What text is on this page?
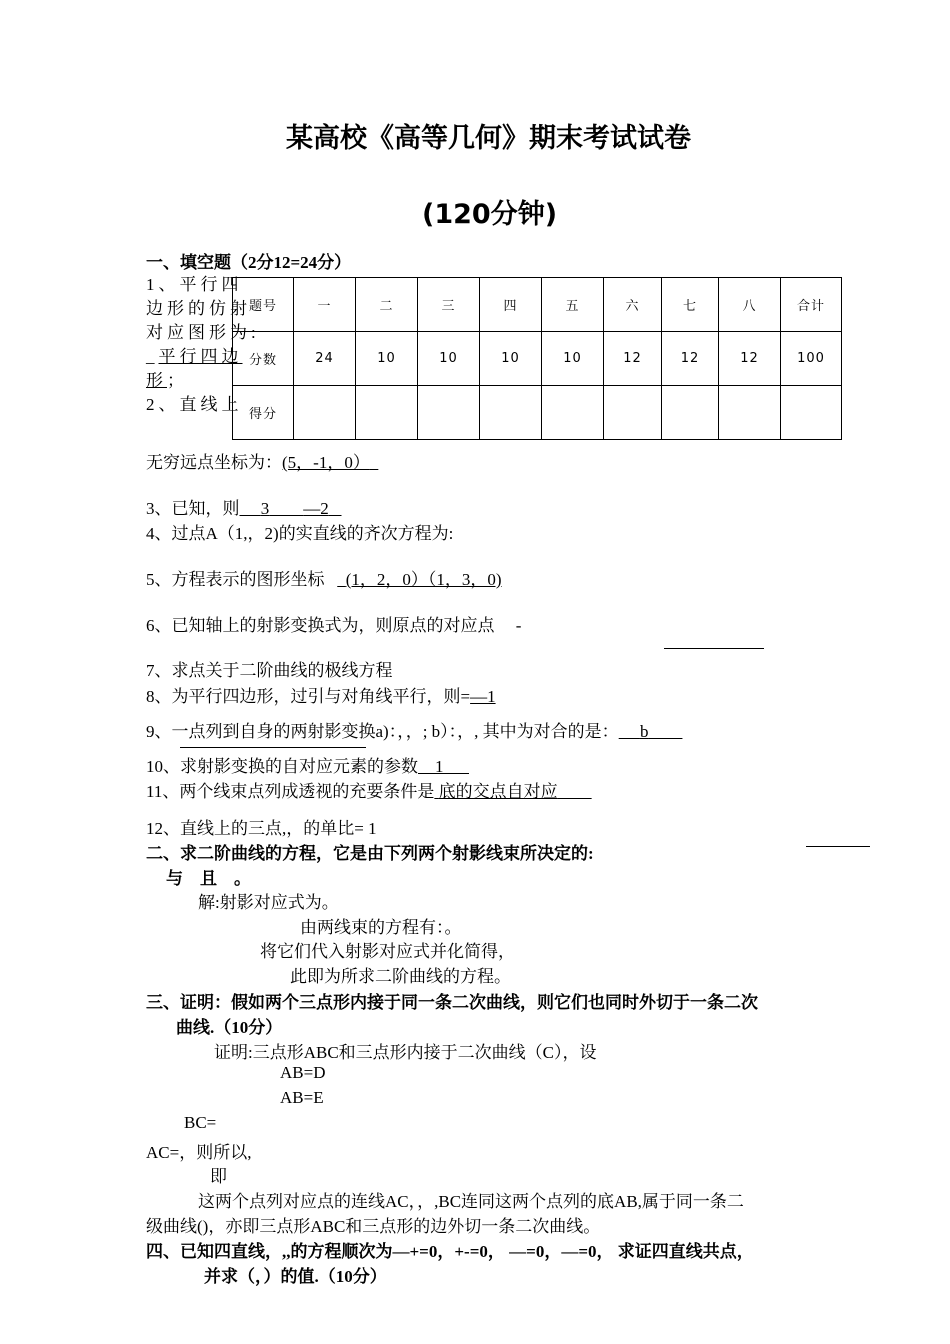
某高校《高等几何》期末考试试卷
(120分钟)
一、填空题（2分12=24分）
题号	一	二	三	四	五	六	七	八	合计
分数	24	10	10	10	10	12	12	12	100
得分									
1、平行四
边形的仿射
对应图形为:
_平行四边
形；
2、直线上
无穷远点坐标为：(5，-1，0）
3、已知，则 3 —2
4、过点A（1,，2)的实直线的齐次方程为:
5、方程表示的图形坐标 (1，2，0）（1，3，0)
6、已知轴上的射影变换式为，则原点的对应点 -
7、求点关于二阶曲线的极线方程
8、为平行四边形，过引与对角线平行，则=—1
9、一点列到自身的两射影变换a)：，，; b）：，, 其中为对合的是： b
10、求射影变换的自对应元素的参数 1
11、两个线束点列成透视的充要条件是 底的交点自对应
12、直线上的三点,，的单比= 1
二、求二阶曲线的方程，它是由下列两个射影线束所决定的:
与　且　。
解:射影对应式为。
由两线束的方程有：。
将它们代入射影对应式并化简得，
此即为所求二阶曲线的方程。
三、证明：假如两个三点形内接于同一条二次曲线，则它们也同时外切于一条二次
曲线.（10分）
证明:三点形ABC和三点形内接于二次曲线（C），设
AB=D
AB=E
BC=
AC=，则所以,
即
这两个点列对应点的连线AC，，,BC连同这两个点列的底AB,属于同一条二
级曲线()，亦即三点形ABC和三点形的边外切一条二次曲线。
四、已知四直线，,,的方程顺次为—+=0，+-=0， —=0，—=0， 求证四直线共点，
并求（，）的值.（10分）
